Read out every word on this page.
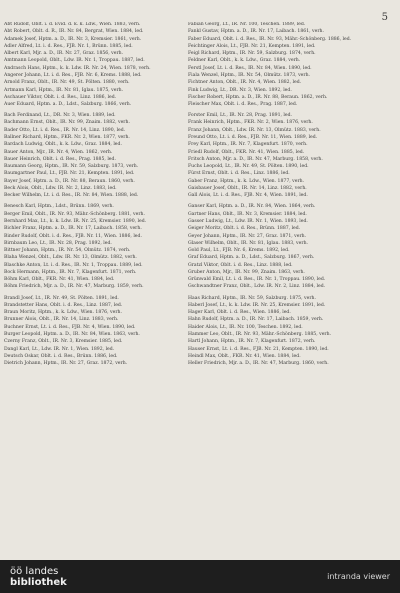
5

Abt Rudolf, Oblt. i. d. Evid. d. k. k. Ldw., Wien. 1883, verh.

Abt Robert, Oblt. d. R., IR. Nr. 84, Bergrat, Wien. 1884, led.

Adamek Josef, Hptm. a. D., IR. Nr. 3, Kremsier. 1861, verh.

Adler Alfred, Lt. i. d. Res., FJB. Nr. 1, Brünn. 1885, led.

Albert Karl, Mjr. a. D., IR. Nr. 27, Graz. 1856, verh.

Amtmann Leopold, Oblt., Ldw. IR. Nr. 1, Troppau. 1887, led.

Andrasch Hans, Hptm., k. k. Ldw. IR. Nr. 24, Wien. 1878, verh.

Angerer Johann, Lt. i. d. Res., FJB. Nr. 6, Krems. 1888, led.

Arnold Franz, Oblt., IR. Nr. 49, St. Pölten. 1880, verh.

Artmann Karl, Hptm., IR. Nr. 81, Iglau. 1875, verh.

Aschauer Viktor, Oblt. i. d. Res., Linz. 1886, led.

Auer Eduard, Hptm. a. D., Ldst., Salzburg. 1866, verh.

Bach Ferdinand, Lt., DR. Nr. 3, Wien. 1889, led.

Bachmann Ernst, Oblt., IR. Nr. 99, Znaim. 1882, verh.

Bader Otto, Lt. i. d. Res., IR. Nr. 14, Linz. 1890, led.

Ballner Richard, Hptm., FKR. Nr. 2, Wien. 1877, verh.

Bardach Ludwig, Oblt., k. k. Ldw., Graz. 1884, led.

Bauer Anton, Mjr., IR. Nr. 4, Wien. 1862, verh.

Bauer Heinrich, Oblt. i. d. Res., Prag. 1885, led.

Baumann Georg, Hptm., IR. Nr. 59, Salzburg. 1873, verh.

Baumgartner Paul, Lt., FJB. Nr. 21, Kempten. 1891, led.

Bayer Josef, Hptm. a. D., IR. Nr. 88, Beraun. 1860, verh.

Beck Alois, Oblt., Ldw. IR. Nr. 2, Linz. 1883, led.

Becker Wilhelm, Lt. i. d. Res., IR. Nr. 84, Wien. 1888, led.

Benesch Karl, Hptm., Ldst., Brünn. 1869, verh.

Berger Emil, Oblt., IR. Nr. 93, Mähr.-Schönberg. 1881, verh.

Bernhard Max, Lt., k. k. Ldw. IR. Nr. 25, Kremsier. 1890, led.

Bichler Franz, Hptm. a. D., IR. Nr. 17, Laibach. 1858, verh.

Binder Rudolf, Oblt. i. d. Res., FJB. Nr. 11, Wien. 1886, led.

Birnbaum Leo, Lt., IR. Nr. 28, Prag. 1892, led.

Bittner Johann, Hptm., IR. Nr. 54, Olmütz. 1874, verh.

Blaha Wenzel, Oblt., Ldw. IR. Nr. 13, Olmütz. 1882, verh.

Blaschke Anton, Lt. i. d. Res., IR. Nr. 1, Troppau. 1889, led.

Bock Hermann, Hptm., IR. Nr. 7, Klagenfurt. 1871, verh.

Böhm Karl, Oblt., FKR. Nr. 41, Wien. 1884, led.

Böhm Friedrich, Mjr. a. D., IR. Nr. 47, Marburg. 1859, verh.

Brandl Josef, Lt., IR. Nr. 49, St. Pölten. 1891, led.

Brandstetter Hans, Oblt. i. d. Res., Linz. 1887, led.

Braun Moritz, Hptm., k. k. Ldw., Wien. 1876, verh.

Brunner Alois, Oblt., IR. Nr. 14, Linz. 1883, verh.

Buchner Ernst, Lt. i. d. Res., FJB. Nr. 4, Wien. 1890, led.

Burger Leopold, Hptm. a. D., IR. Nr. 84, Wien. 1863, verh.

Czerny Franz, Oblt., IR. Nr. 3, Kremsier. 1885, led.

Dangl Karl, Lt., Ldw. IR. Nr. 1, Wien. 1892, led.

Deutsch Oskar, Oblt. i. d. Res., Brünn. 1886, led.

Dietrich Johann, Hptm., IR. Nr. 27, Graz. 1872, verh.

Fabian Georg, Lt., IR. Nr. 100, Teschen. 1889, led.

Fankl Gustav, Hptm. a. D., IR. Nr. 17, Laibach. 1861, verh.

Faber Eduard, Oblt. i. d. Res., IR. Nr. 93, Mähr.-Schönberg. 1886, led.

Feichtinger Alois, Lt., FJB. Nr. 21, Kempten. 1891, led.

Feigl Richard, Hptm., IR. Nr. 59, Salzburg. 1874, verh.

Feldner Karl, Oblt., k. k. Ldw., Graz. 1884, verh.

Ferstl Josef, Lt. i. d. Res., IR. Nr. 84, Wien. 1890, led.

Fiala Wenzel, Hptm., IR. Nr. 54, Olmütz. 1873, verh.

Fichtner Anton, Oblt., IR. Nr. 4, Wien. 1882, led.

Fink Ludwig, Lt., DR. Nr. 3, Wien. 1892, led.

Fischer Robert, Hptm. a. D., IR. Nr. 88, Beraun. 1862, verh.

Fleischer Max, Oblt. i. d. Res., Prag. 1887, led.

Forster Emil, Lt., IR. Nr. 28, Prag. 1891, led.

Frank Heinrich, Hptm., FKR. Nr. 2, Wien. 1876, verh.

Franz Johann, Oblt., Ldw. IR. Nr. 13, Olmütz. 1883, verh.

Freund Otto, Lt. i. d. Res., FJB. Nr. 11, Wien. 1889, led.

Frey Karl, Hptm., IR. Nr. 7, Klagenfurt. 1870, verh.

Friedl Rudolf, Oblt., FKR. Nr. 41, Wien. 1885, led.

Fritsch Anton, Mjr. a. D., IR. Nr. 47, Marburg. 1858, verh.

Fuchs Leopold, Lt., IR. Nr. 49, St. Pölten. 1890, led.

Fürst Ernst, Oblt. i. d. Res., Linz. 1886, led.

Gaber Franz, Hptm., k. k. Ldw., Wien. 1877, verh.

Gaisbauer Josef, Oblt., IR. Nr. 14, Linz. 1882, verh.

Gall Alois, Lt. i. d. Res., FJB. Nr. 4, Wien. 1891, led.

Ganser Karl, Hptm. a. D., IR. Nr. 84, Wien. 1864, verh.

Gartner Hans, Oblt., IR. Nr. 3, Kremsier. 1884, led.

Gasser Ludwig, Lt., Ldw. IR. Nr. 1, Wien. 1893, led.

Geiger Moritz, Oblt. i. d. Res., Brünn. 1887, led.

Geyer Johann, Hptm., IR. Nr. 27, Graz. 1871, verh.

Glaser Wilhelm, Oblt., IR. Nr. 81, Iglau. 1883, verh.

Gold Paul, Lt., FJB. Nr. 6, Krems. 1892, led.

Graf Eduard, Hptm. a. D., Ldst., Salzburg. 1867, verh.

Gratzl Viktor, Oblt. i. d. Res., Linz. 1888, led.

Gruber Anton, Mjr., IR. Nr. 99, Znaim. 1863, verh.

Grünwald Emil, Lt. i. d. Res., IR. Nr. 1, Troppau. 1890, led.

Gschwandtner Franz, Oblt., Ldw. IR. Nr. 2, Linz. 1884, led.

Haas Richard, Hptm., IR. Nr. 59, Salzburg. 1875, verh.

Haberl Josef, Lt., k. k. Ldw. IR. Nr. 25, Kremsier. 1891, led.

Hager Karl, Oblt. i. d. Res., Wien. 1886, led.

Hahn Rudolf, Hptm. a. D., IR. Nr. 17, Laibach. 1859, verh.

Haider Alois, Lt., IR. Nr. 100, Teschen. 1892, led.

Hammer Leo, Oblt., IR. Nr. 93, Mähr.-Schönberg. 1885, verh.

Hartl Johann, Hptm., IR. Nr. 7, Klagenfurt. 1872, verh.

Hauser Ernst, Lt. i. d. Res., FJB. Nr. 21, Kempten. 1890, led.

Heindl Max, Oblt., FKR. Nr. 41, Wien. 1884, led.

Heller Friedrich, Mjr. a. D., IR. Nr. 47, Marburg. 1860, verh.

öö landes
bibliothek	intranda viewer
